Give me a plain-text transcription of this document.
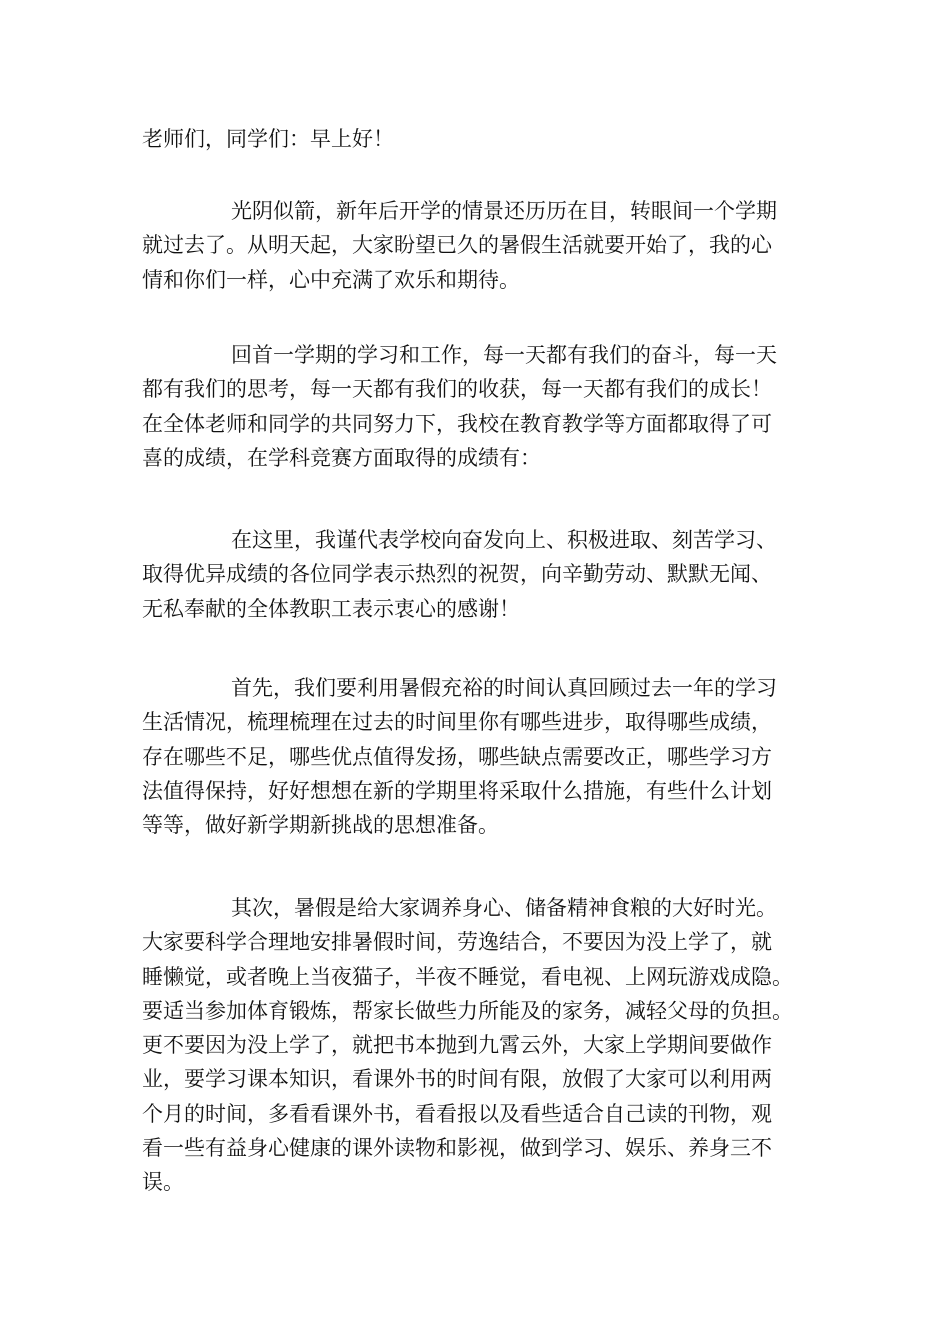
老师们，同学们：早上好！
光阴似箭，新年后开学的情景还历历在目，转眼间一个学期
就过去了。从明天起，大家盼望已久的暑假生活就要开始了，我的心
情和你们一样，心中充满了欢乐和期待。
回首一学期的学习和工作，每一天都有我们的奋斗，每一天
都有我们的思考，每一天都有我们的收获，每一天都有我们的成长！
在全体老师和同学的共同努力下，我校在教育教学等方面都取得了可
喜的成绩，在学科竞赛方面取得的成绩有：
在这里，我谨代表学校向奋发向上、积极进取、刻苦学习、
取得优异成绩的各位同学表示热烈的祝贺，向辛勤劳动、默默无闻、
无私奉献的全体教职工表示衷心的感谢！
首先，我们要利用暑假充裕的时间认真回顾过去一年的学习
生活情况，梳理梳理在过去的时间里你有哪些进步，取得哪些成绩，
存在哪些不足，哪些优点值得发扬，哪些缺点需要改正，哪些学习方
法值得保持，好好想想在新的学期里将采取什么措施，有些什么计划
等等，做好新学期新挑战的思想准备。
其次，暑假是给大家调养身心、储备精神食粮的大好时光。
大家要科学合理地安排暑假时间，劳逸结合，不要因为没上学了，就
睡懒觉，或者晚上当夜猫子，半夜不睡觉，看电视、上网玩游戏成隐。
要适当参加体育锻炼，帮家长做些力所能及的家务，减轻父母的负担。
更不要因为没上学了，就把书本抛到九霄云外，大家上学期间要做作
业，要学习课本知识，看课外书的时间有限，放假了大家可以利用两
个月的时间，多看看课外书，看看报以及看些适合自己读的刊物，观
看一些有益身心健康的课外读物和影视，做到学习、娱乐、养身三不
误。
